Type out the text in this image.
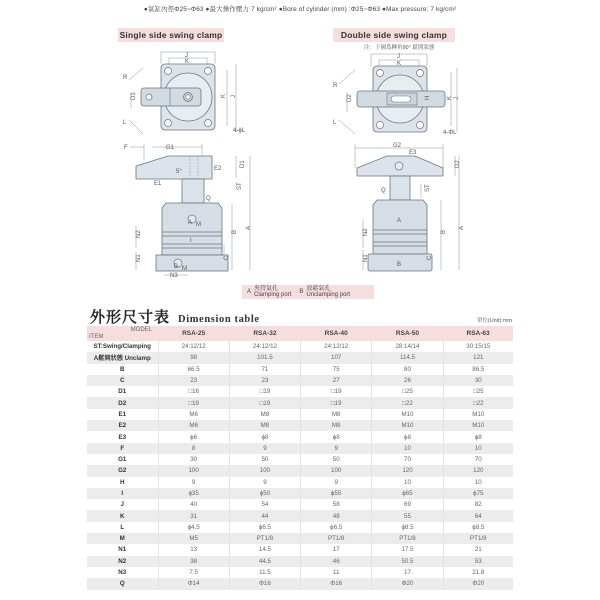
●氣缸內徑Φ25~Φ63 ●最大操作壓力 7 kg/cm² ●Bore of cylinder (mm) :Φ25~Φ63 ●Max pressure: 7 kg/cm²
Single side swing clamp	Double side swing clamp
注：下圖爲轉角90° 鬆開狀態
J
K
R
L
D1	K J
4-ϕL
J
K
R
L
D2	H	K J
4-ΦL
F	G1
E2
E1
5°
Q
D1
ST
A
B
C
N2
N1
N3
A M
B M
I
G2
E3
Q	ST
D2
A
B
C
N2
N1
A
B
A 夾持氣孔
Clamping port B 放鬆氣孔
Unclamping port
外形尺寸表 Dimension table	單位(Unit):mm
MODEL
ITEM	RSA-25	RSA-32	RSA-40	RSA-50	RSA-63
ST:Swing/Clamping	24:12/12	24:12/12	24:12/12	28:14/14	30:15/15
A鬆開狀態 Unclamp	98	101.5	107	114.5	121
B	66.5	71	75	80	86.5
C	23	23	27	26	30
D1	□16	□19	□19	□25	□25
D2	□19	□19	□19	□22	□22
E1	M6	M8	M8	M10	M10
E2	M6	M8	M8	M10	M10
E3	ϕ6	ϕ8	ϕ8	ϕ8	ϕ8
F	8	9	9	10	10
G1	30	50	50	70	70
G2	100	100	100	120	120
H	9	9	9	10	10
I	ϕ35	ϕ50	ϕ55	ϕ65	ϕ75
J	40	54	58	69	82
K	31	44	48	55	64
L	ϕ4.5	ϕ6.5	ϕ6.5	ϕ8.5	ϕ8.5
M	M5	PT1/8	PT1/8	PT1/8	PT1/8
N1	13	14.5	17	17.5	21
N2	38	44.5	46	50.5	53
N3	7.5	11.5	11	17	21.8
Q	Φ14	Φ16	Φ16	Φ20	Φ20
